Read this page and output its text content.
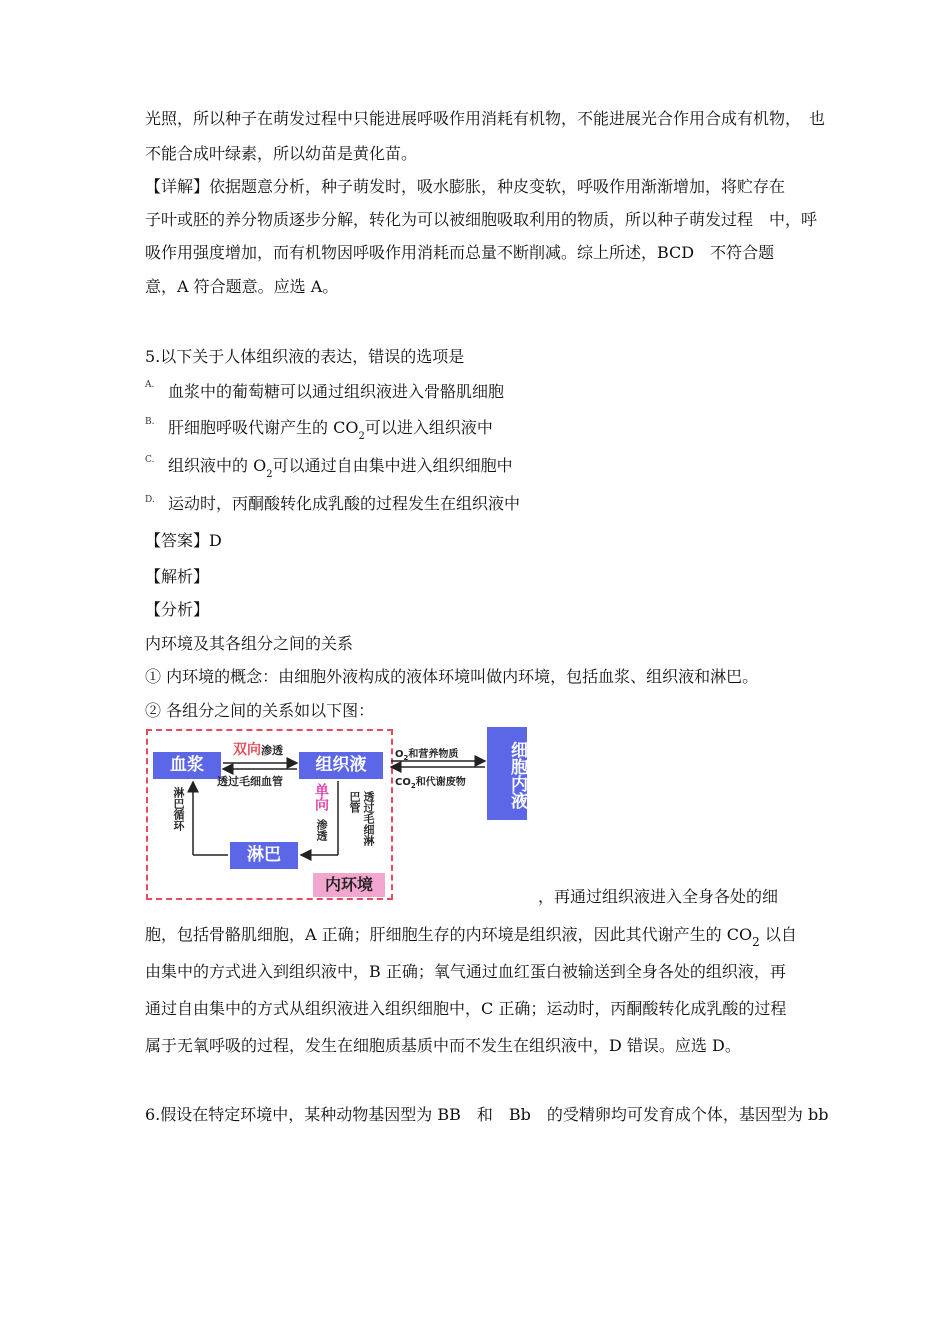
光照，所以种子在萌发过程中只能进展呼吸作用消耗有机物，不能进展光合作用合成有机物，　也
不能合成叶绿素，所以幼苗是黄化苗。
【详解】依据题意分析，种子萌发时，吸水膨胀，种皮变软，呼吸作用渐渐增加，将贮存在
子叶或胚的养分物质逐步分解，转化为可以被细胞吸取利用的物质，所以种子萌发过程　中，呼
吸作用强度增加，而有机物因呼吸作用消耗而总量不断削减。综上所述，BCD　不符合题
意，A 符合题意。应选 A。
5.以下关于人体组织液的表达，错误的选项是
A. 血浆中的葡萄糖可以通过组织液进入骨骼肌细胞
B. 肝细胞呼吸代谢产生的 $CO_2$可以进入组织液中
C. 组织液中的 $O_2$可以通过自由集中进入组织细胞中
D. 运动时，丙酮酸转化成乳酸的过程发生在组织液中
【答案】D
【解析】
【分析】
内环境及其各组分之间的关系
① 内环境的概念：由细胞外液构成的液体环境叫做内环境，包括血浆、组织液和淋巴。
② 各组分之间的关系如以下图：
，再通过组织液进入全身各处的细
胞，包括骨骼肌细胞，A 正确；肝细胞生存的内环境是组织液，因此其代谢产生的 $CO_2$ 以自
由集中的方式进入到组织液中，B 正确；氧气通过血红蛋白被输送到全身各处的组织液，再
通过自由集中的方式从组织液进入组织细胞中，C 正确；运动时，丙酮酸转化成乳酸的过程
属于无氧呼吸的过程，发生在细胞质基质中而不发生在组织液中，D 错误。应选 D。
6.假设在特定环境中，某种动物基因型为 BB　和　Bb　的受精卵均可发育成个体，基因型为 bb
血浆	组织液
淋巴
细胞内液
内环境
双向渗透
透过毛细血管
淋巴循环	单向
渗透	透过毛细淋巴管
$O_2$和营养物质
$CO_2$和代谢废物
